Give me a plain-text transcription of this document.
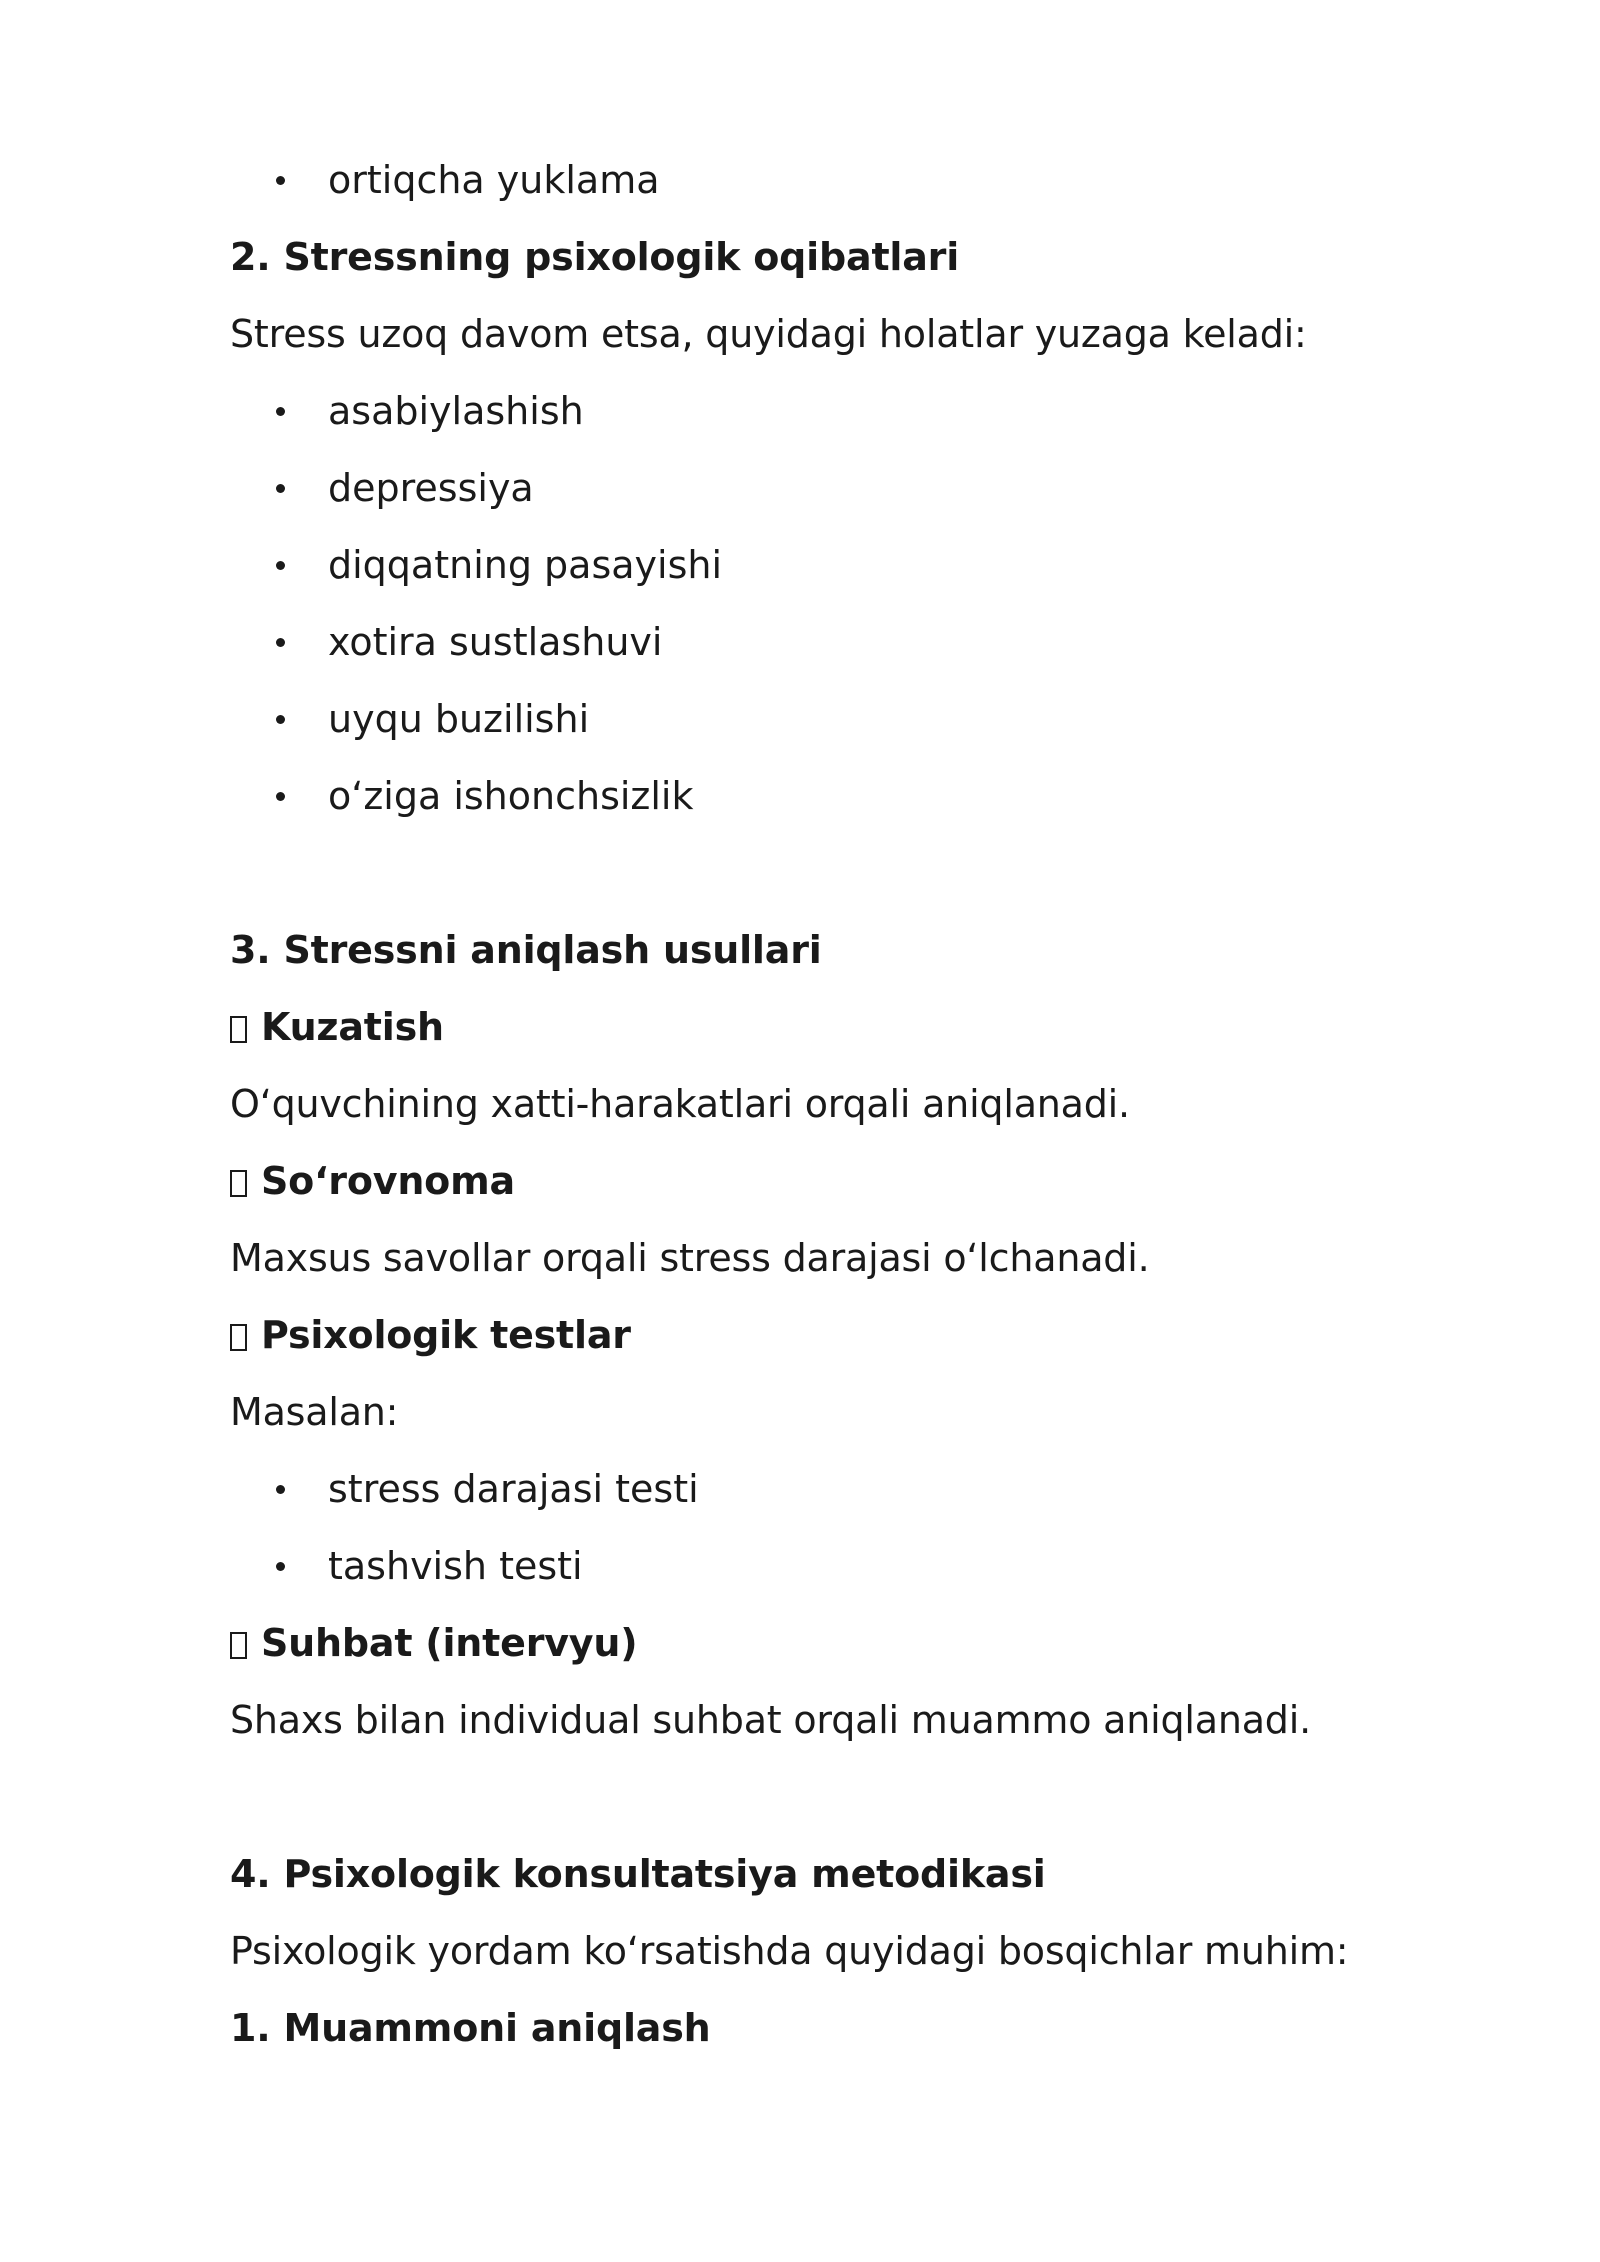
ortiqcha yuklama
2. Stressning psixologik oqibatlari
Stress uzoq davom etsa, quyidagi holatlar yuzaga keladi:
asabiylashish
depressiya
diqqatning pasayishi
xotira sustlashuvi
uyqu buzilishi
o‘ziga ishonchsizlik
3. Stressni aniqlash usullari
Kuzatish
O‘quvchining xatti-harakatlari orqali aniqlanadi.
So‘rovnoma
Maxsus savollar orqali stress darajasi o‘lchanadi.
Psixologik testlar
Masalan:
stress darajasi testi
tashvish testi
Suhbat (intervyu)
Shaxs bilan individual suhbat orqali muammo aniqlanadi.
4. Psixologik konsultatsiya metodikasi
Psixologik yordam ko‘rsatishda quyidagi bosqichlar muhim:
1. Muammoni aniqlash
